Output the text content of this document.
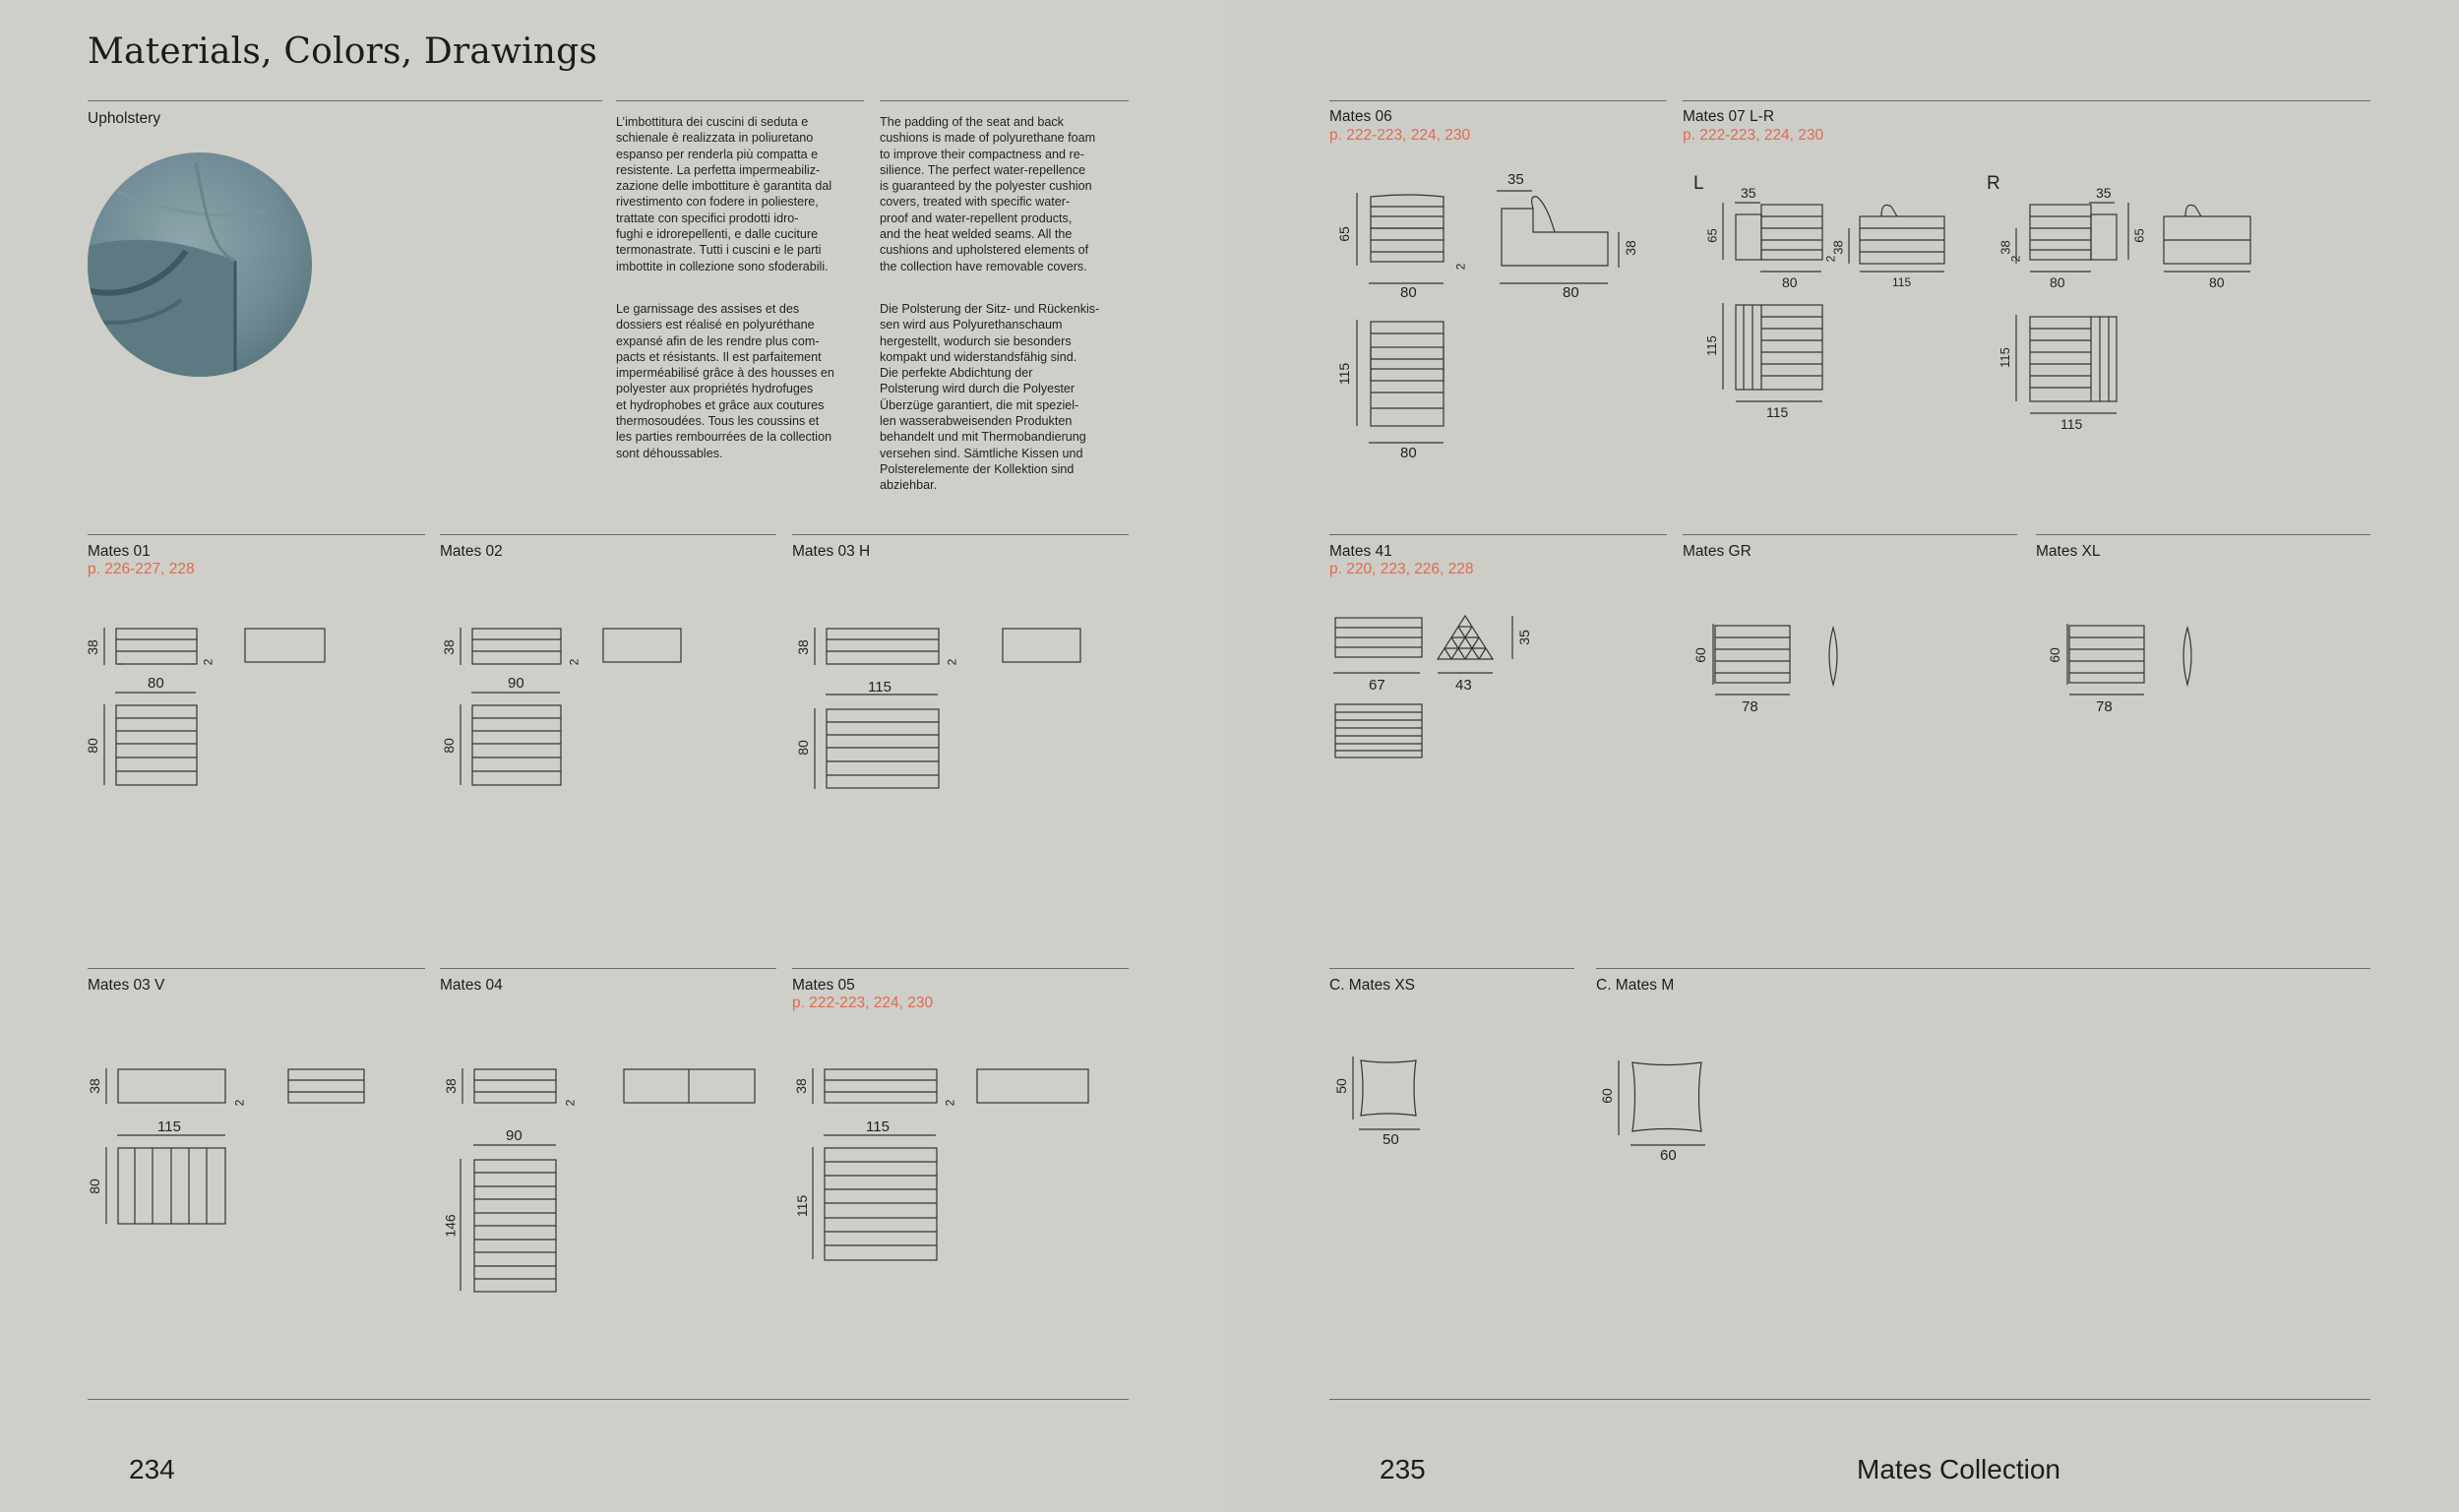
Materials, Colors, Drawings
Upholstery	L’imbottitura dei cuscini di seduta e
schienale è realizzata in poliuretano
espanso per renderla più compatta e
resistente. La perfetta impermeabiliz-
zazione delle imbottiture è garantita dal
rivestimento con fodere in poliestere,
trattate con specifici prodotti idro-
fughi e idrorepellenti, e dalle cuciture
termonastrate. Tutti i cuscini e le parti
imbottite in collezione sono sfoderabili.
The padding of the seat and back
cushions is made of polyurethane foam
to improve their compactness and re-
silience. The perfect water-repellence
is guaranteed by the polyester cushion
covers, treated with specific water-
proof and water-repellent products,
and the heat welded seams. All the
cushions and upholstered elements of
the collection have removable covers.
Le garnissage des assises et des
dossiers est réalisé en polyuréthane
expansé afin de les rendre plus com-
pacts et résistants. Il est parfaitement
imperméabilisé grâce à des housses en
polyester aux propriétés hydrofuges
et hydrophobes et grâce aux coutures
thermosoudées. Tous les coussins et
les parties rembourrées de la collection
sont déhoussables.
Die Polsterung der Sitz- und Rückenkis-
sen wird aus Polyurethanschaum
hergestellt, wodurch sie besonders
kompakt und widerstandsfähig sind.
Die perfekte Abdichtung der
Polsterung wird durch die Polyester
Überzüge garantiert, die mit speziel-
len wasserabweisenden Produkten
behandelt und mit Thermobandierung
versehen sind. Sämtliche Kissen und
Polsterelemente der Kollektion sind
abziehbar.
Mates 01
p. 226-227, 228
38
2
80
80
Mates 02
38
2
90
80
Mates 03 H
38
2
115
80
Mates 03 V
38
2
115
80
Mates 04
38
2
90
146
Mates 05
p. 222-223, 224, 230
38
2
115
115
234
Mates 06
p. 222-223, 224, 230
65
2
80
35
38
80
115
80
Mates 07 L-R
p. 222-223, 224, 230
L	35
65
2
80
38
115
115
115
R	35
38
2
80
65
80
115
115
Mates 41
p. 220, 223, 226, 228
67	43
35
Mates GR
60
78
Mates XL
60
78
C. Mates XS
50
50
C. Mates M
60
60
235	Mates Collection
